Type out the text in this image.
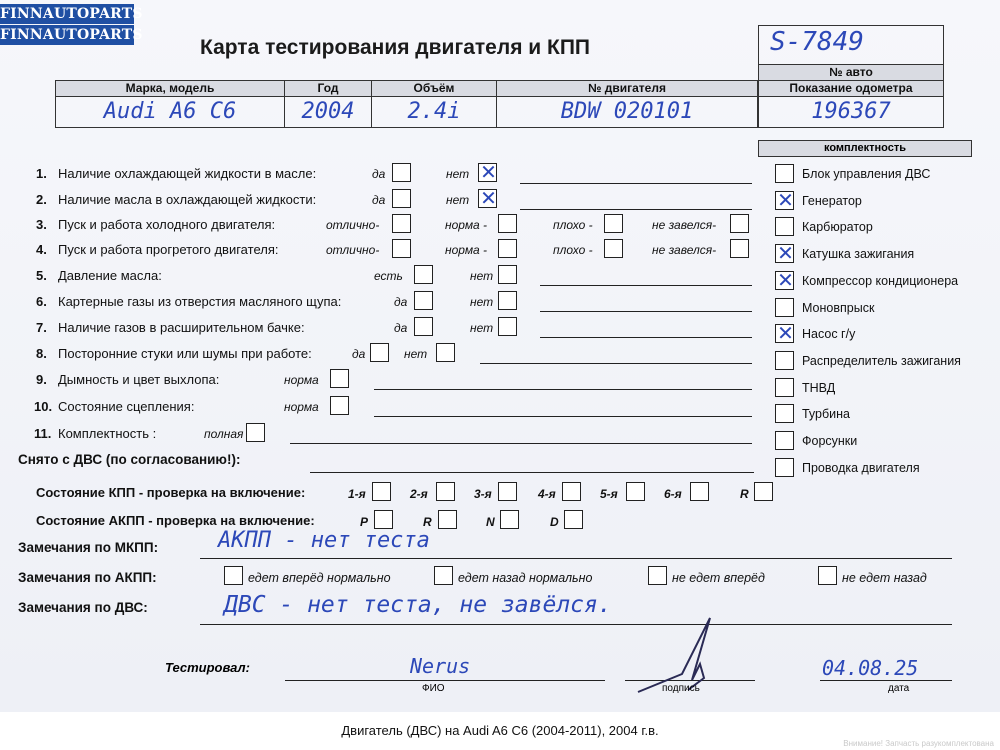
FINNAUTOPARTS
FINNAUTOPARTS
Карта тестирования двигателя и КПП	S-7849
Марка, модель	Год	Объём	№ двигателя
№ авто
Показание одометра
Audi A6 C6	2004	2.4i	BDW 020101	196367
комплектность
1. Наличие охлаждающей жидкости в масле:	да	нет ✕
2. Наличие масла в охлаждающей жидкости:	да	нет ✕
3. Пуск и работа холодного двигателя:	отлично-	норма -	плохо -	не завелся-
4. Пуск и работа прогретого двигателя:	отлично-	норма -	плохо -	не завелся-
5. Давление масла:	есть	нет
6. Картерные газы из отверстия масляного щупа:	да	нет
7. Наличие газов в расширительном бачке:	да	нет
8. Посторонние стуки или шумы при работе:	да	нет
9. Дымность и цвет выхлопа:	норма
10. Состояние сцепления:	норма
11. Комплектность :	полная
Блок управления ДВС
✕ Генератор
Карбюратор
✕ Катушка зажигания
✕ Компрессор кондиционера
Моновпрыск
✕ Насос г/у
Распределитель зажигания
ТНВД
Турбина
Форсунки
Проводка двигателя
Снято с ДВС (по согласованию!):
Состояние КПП - проверка на включение:	1-я	2-я	3-я	4-я	5-я	6-я	R
Состояние АКПП - проверка на включение:	P	R	N	D
Замечания по МКПП:	АКПП - нет теста
Замечания по АКПП:	едет вперёд нормально	едет назад нормально	не едет вперёд	не едет назад
Замечания по ДВС:	ДВС - нет теста, не завёлся.
Тестировал:	Nerus
ФИО	подпись
04.08.25
дата
Двигатель (ДВС) на Audi A6 C6 (2004-2011), 2004 г.в.
Внимание! Запчасть разукомплектована
